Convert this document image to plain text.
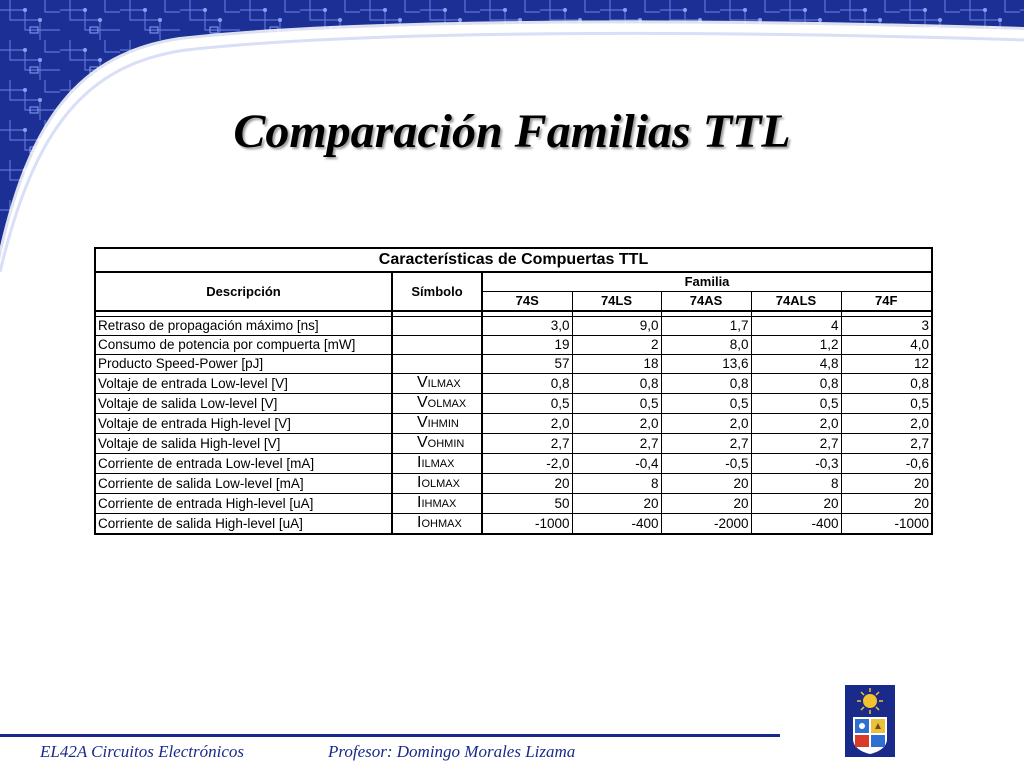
Comparación Familias TTL
Características de Compuertas TTL						
Descripción	Símbolo	Familia				
		74S	74LS	74AS	74ALS	74F

Retraso de propagación máximo [ns]		3,0	9,0	1,7	4	3
Consumo de potencia por compuerta [mW]		19	2	8,0	1,2	4,0
Producto Speed-Power [pJ]		57	18	13,6	4,8	12
Voltaje de entrada Low-level [V]	VILMAX	0,8	0,8	0,8	0,8	0,8
Voltaje de salida Low-level [V]	VOLMAX	0,5	0,5	0,5	0,5	0,5
Voltaje de entrada High-level [V]	VIHMIN	2,0	2,0	2,0	2,0	2,0
Voltaje de salida High-level [V]	VOHMIN	2,7	2,7	2,7	2,7	2,7
Corriente de entrada Low-level [mA]	IILMAX	-2,0	-0,4	-0,5	-0,3	-0,6
Corriente de salida Low-level [mA]	IOLMAX	20	8	20	8	20
Corriente de entrada High-level [uA]	IIHMAX	50	20	20	20	20
Corriente de salida High-level [uA]	IOHMAX	-1000	-400	-2000	-400	-1000
EL42A Circuitos Electrónicos	Profesor: Domingo Morales Lizama
